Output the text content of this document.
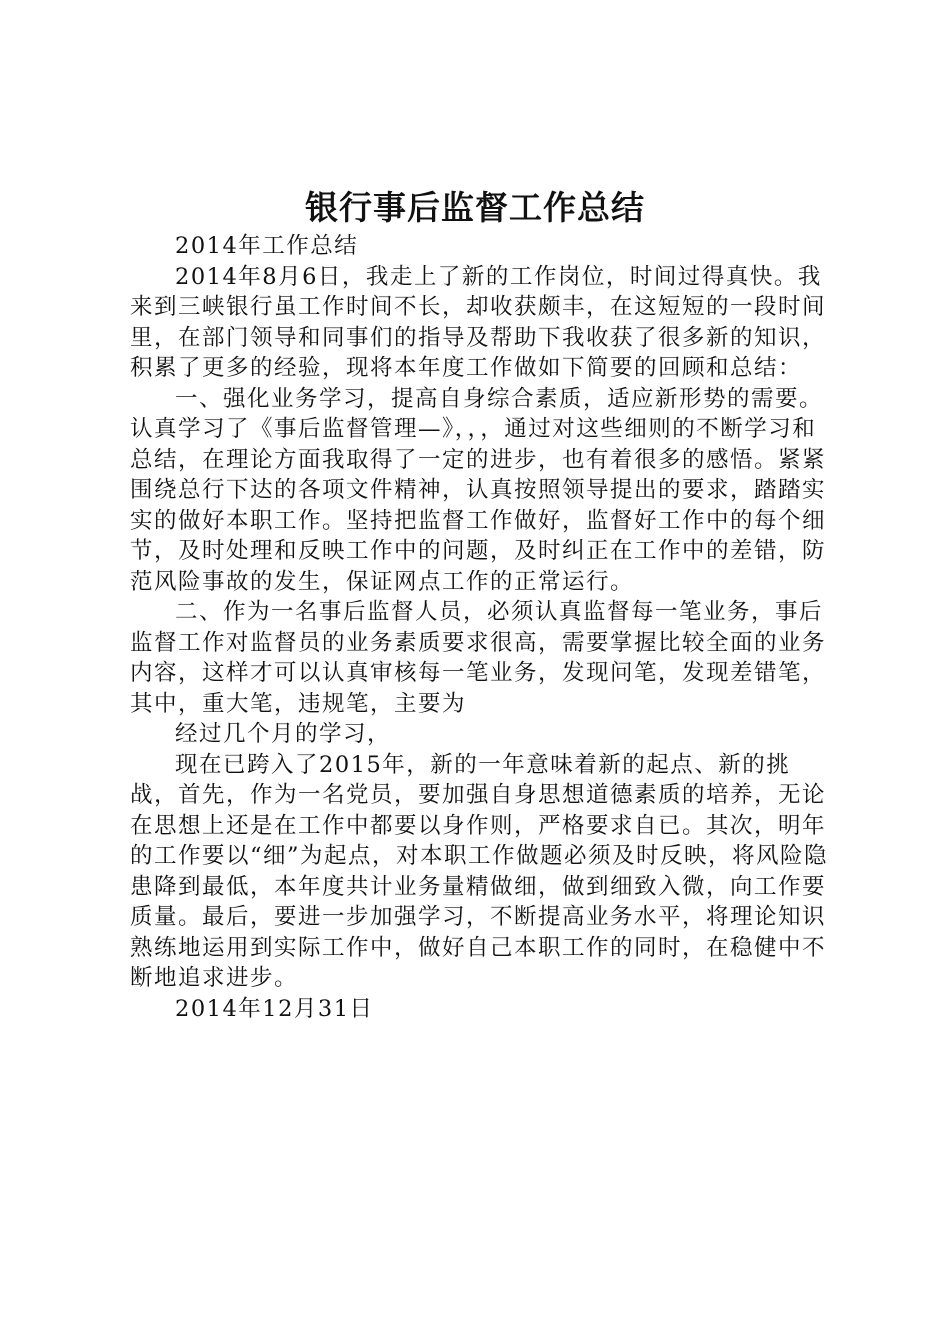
银行事后监督工作总结

2014年工作总结

2014年8月6日，我走上了新的工作岗位，时间过得真快。我来到三峡银行虽工作时间不长，却收获颇丰，在这短短的一段时间里，在部门领导和同事们的指导及帮助下我收获了很多新的知识，积累了更多的经验，现将本年度工作做如下简要的回顾和总结：

一、强化业务学习，提高自身综合素质，适应新形势的需要。认真学习了《事后监督管理—》，，，通过对这些细则的不断学习和总结，在理论方面我取得了一定的进步，也有着很多的感悟。紧紧围绕总行下达的各项文件精神，认真按照领导提出的要求，踏踏实实的做好本职工作。坚持把监督工作做好，监督好工作中的每个细节，及时处理和反映工作中的问题，及时纠正在工作中的差错，防范风险事故的发生，保证网点工作的正常运行。

二、作为一名事后监督人员，必须认真监督每一笔业务，事后监督工作对监督员的业务素质要求很高，需要掌握比较全面的业务内容，这样才可以认真审核每一笔业务，发现问笔，发现差错笔，其中，重大笔，违规笔，主要为

经过几个月的学习，

现在已跨入了2015年，新的一年意味着新的起点、新的挑战，首先，作为一名党员，要加强自身思想道德素质的培养，无论在思想上还是在工作中都要以身作则，严格要求自已。其次，明年的工作要以“细”为起点，对本职工作做题必须及时反映，将风险隐患降到最低，本年度共计业务量精做细，做到细致入微，向工作要质量。最后，要进一步加强学习，不断提高业务水平，将理论知识熟练地运用到实际工作中，做好自己本职工作的同时，在稳健中不断地追求进步。

2014年12月31日
